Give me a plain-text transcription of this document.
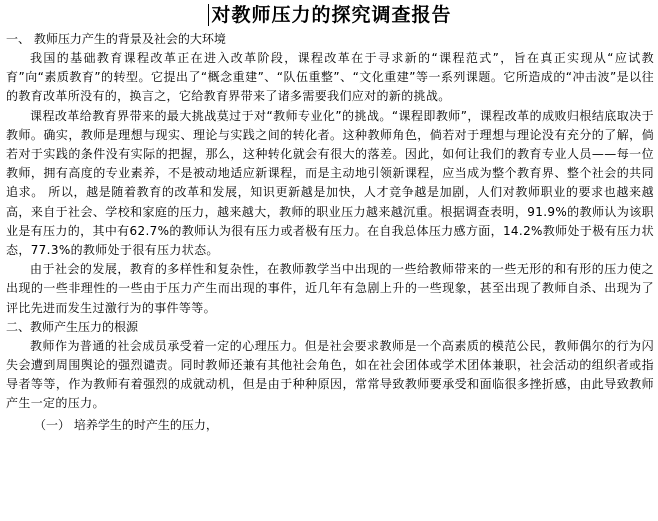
对教师压力的探究调查报告

一、 教师压力产生的背景及社会的大环境

我国的基础教育课程改革正在进入改革阶段，课程改革在于寻求新的“课程范式”，旨在真正实现从“应试教育”向“素质教育”的转型。它提出了“概念重建”、“队伍重整”、“文化重建”等一系列课题。它所造成的“冲击波”是以往的教育改革所没有的，换言之，它给教育界带来了诸多需要我们应对的新的挑战。

课程改革给教育界带来的最大挑战莫过于对“教师专业化”的挑战。“课程即教师”，课程改革的成败归根结底取决于教师。确实，教师是理想与现实、理论与实践之间的转化者。这种教师角色，倘若对于理想与理论没有充分的了解，倘若对于实践的条件没有实际的把握，那么，这种转化就会有很大的落差。因此，如何让我们的教育专业人员——每一位教师，拥有高度的专业素养，不是被动地适应新课程，而是主动地引领新课程，应当成为整个教育界、整个社会的共同追求。 所以，越是随着教育的改革和发展，知识更新越是加快，人才竞争越是加剧，人们对教师职业的要求也越来越高，来自于社会、学校和家庭的压力，越来越大，教师的职业压力越来越沉重。根据调查表明，91.9%的教师认为该职业是有压力的，其中有62.7%的教师认为很有压力或者极有压力。在自我总体压力感方面，14.2%教师处于极有压力状态，77.3%的教师处于很有压力状态。

由于社会的发展，教育的多样性和复杂性，在教师教学当中出现的一些给教师带来的一些无形的和有形的压力使之出现的一些非理性的一些由于压力产生而出现的事件，近几年有急剧上升的一些现象，甚至出现了教师自杀、出现为了评比先进而发生过激行为的事件等等。

二、教师产生压力的根源

教师作为普通的社会成员承受着一定的心理压力。但是社会要求教师是一个高素质的模范公民，教师偶尔的行为闪失会遭到周围舆论的强烈谴责。同时教师还兼有其他社会角色，如在社会团体或学术团体兼职，社会活动的组织者或指导者等等，作为教师有着强烈的成就动机，但是由于种种原因，常常导致教师要承受和面临很多挫折感，由此导致教师产生一定的压力。

（一） 培养学生的时产生的压力，
